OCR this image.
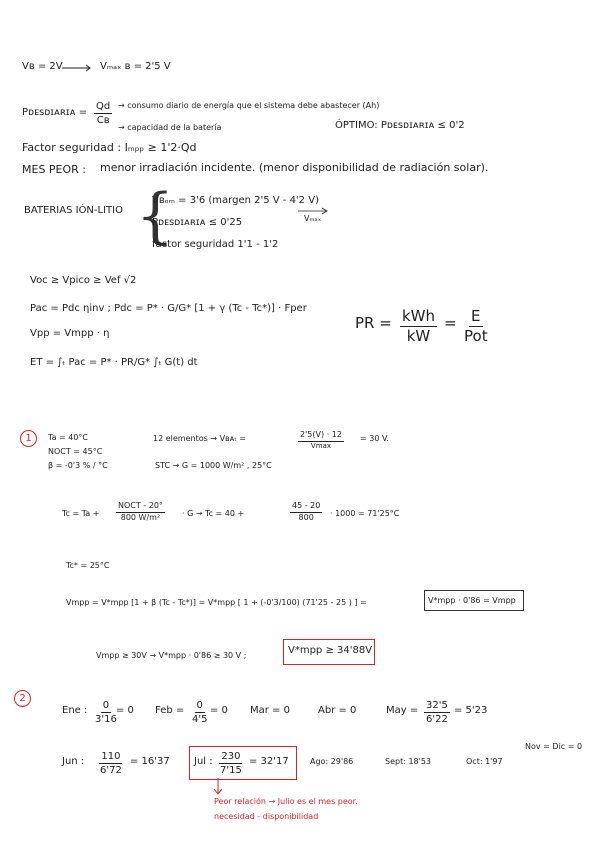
Vʙ = 2V	Vₘₐₓ ʙ = 2'5 V
Pᴅᴇsᴅɪᴀʀɪᴀ = $\frac{Qd}{\text{Cʙ}}$ → consumo diario de energía que el sistema debe abastecer (Ah)
→ capacidad de la batería	ÓPTIMO: Pᴅᴇsᴅɪᴀʀɪᴀ ≤ 0'2
Factor seguridad : Iₘₚₚ ≥ 1'2·Qd
MES PEOR : menor irradiación incidente. (menor disponibilidad de radiación solar).
BATERIAS IÓN-LITIO {
Vʙₒₘ = 3'6 (margen 2'5 V - 4'2 V)
Vₘₐₓ
Pᴅᴇsᴅɪᴀʀɪᴀ ≤ 0'25
factor seguridad 1'1 - 1'2
Voc ≥ Vpico ≥ Vef √2
Pac = Pdc ηinv ; Pdc = P* · G/G* [1 + γ (Tc - Tc*)] · Fper
Vpp = Vmpp · η
ET = ∫ₜ Pac = P* · PR/G* ∫ₜ G(t) dt
PR = kWh
kW
= E
Pot
1	Ta = 40°C
NOCT = 45°C
β = -0'3 % / °C
12 elementos → Vʙᴀₜ =	2'5(V) · 12
Vmax
= 30 V.
STC → G = 1000 W/m² , 25°C
Tc = Ta +
NOCT - 20°
800 W/m²	· G → Tc = 40 +	$\frac{45 - 20}{800} \cdot 1000 = 71'25^\circ C$
Tc* = 25°C
Vmpp = V*mpp [1 + β (Tc - Tc*)] = V*mpp [ 1 + (-0'3/100) (71'25 - 25 ) ] =	V*mpp · 0'86 = Vmpp
Vmpp ≥ 30V → V*mpp · 0'86 ≥ 30 V ;	V*mpp ≥ 34'88V
2
Ene : $\frac{0}{3'16}$
= 0 Feb = $\frac{0}{4'5} = 0$ Mar = 0	Abr = 0	May = $\frac{32'5}{6'22} = 5'23$
Jun : $\frac{110}{6'72} = 16'37$ Jul : $\frac{230}{7'15} = 32'17$	Ago: 29'86	Sept: 18'53	Oct: 1'97
Nov = Dic = 0
Peor relación → Julio es el mes peor.
necesidad - disponibilidad
